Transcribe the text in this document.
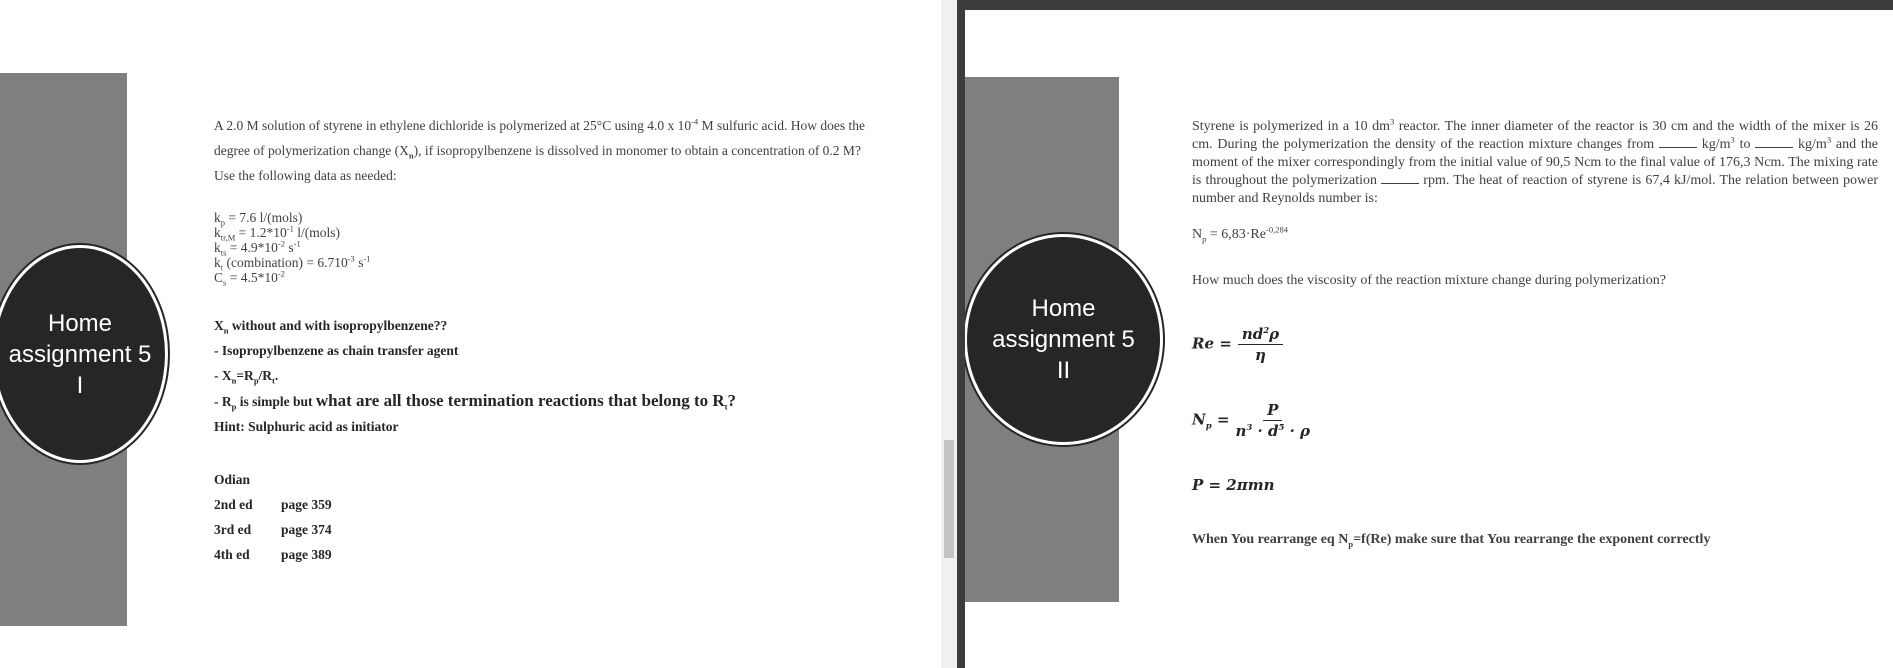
Home
assignment 5
I
A 2.0 M solution of styrene in ethylene dichloride is polymerized at 25°C using 4.0 x $10^{-4}$ M sulfuric acid. How does the
degree of polymerization change $(X_n)$, if isopropylbenzene is dissolved in monomer to obtain a concentration of 0.2 M?
Use the following data as needed:
$k_p = 7.6$ l/(mols)
$k_{tr,M} = 1.2*10^{-1}$ l/(mols)
$k_{ts} = 4.9*10^{-2}$ $s^{-1}$
$k_t$ (combination) = $6.710^{-3}$ $s^{-1}$
$C_s = 4.5*10^{-2}$
$X_n$ without and with isopropylbenzene??
- Isopropylbenzene as chain transfer agent
- $X_n=R_p/R_t$.
- $R_p$ is simple but what are all those termination reactions that belong to $R_t$?
Hint: Sulphuric acid as initiator
Odian
2nd ed page 359
3rd ed page 374
4th ed page 389
Home
assignment 5
II
Styrene is polymerized in a 10 $dm^3$ reactor. The inner diameter of the reactor is 30 cm and the width of the mixer is 26 cm. During the polymerization the density of the reaction mixture changes from	$kg/m^3$ to	$kg/m^3$ and the moment of the mixer correspondingly from the initial value of 90,5 Ncm to the final value of 176,3 Ncm. The mixing rate is throughout the polymerization	rpm. The heat of reaction of styrene is 67,4 kJ/mol. The relation between power number and Reynolds number is:
$N_p = 6,83\cdot Re^{-0,284}$
How much does the viscosity of the reaction mixture change during polymerization?
$Re = \frac{nd^2\rho}{\eta}$
$N_p = \frac{P}{n^3 \cdot d^5 \cdot \rho}$
P = 2πmn
When You rearrange eq $N_p=f(Re)$ make sure that You rearrange the exponent correctly
